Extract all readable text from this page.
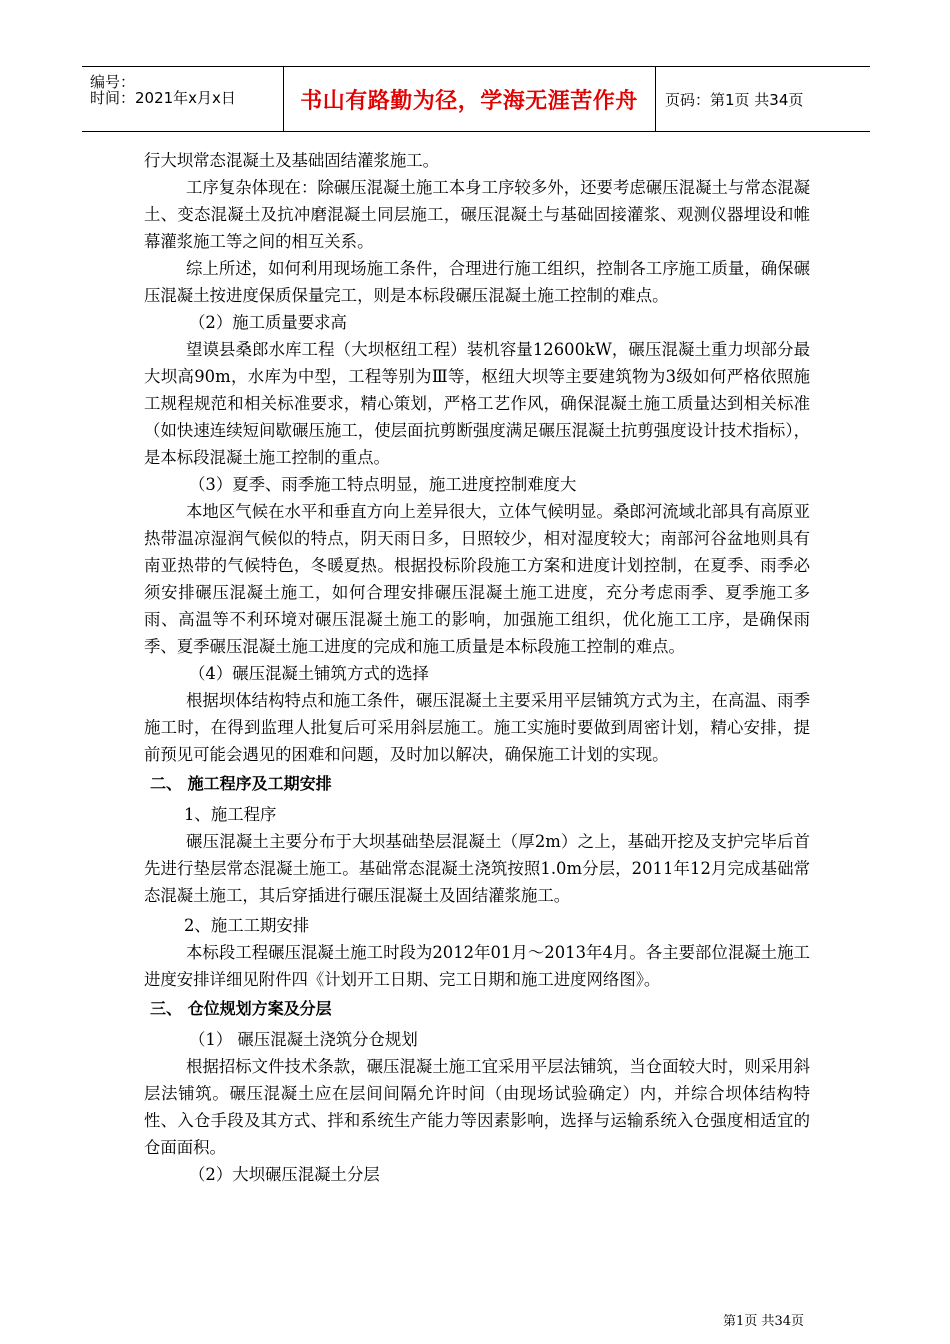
编号：
时间：2021年x月x日	书山有路勤为径，学海无涯苦作舟	页码：第1页 共34页

行大坝常态混凝土及基础固结灌浆施工。

工序复杂体现在：除碾压混凝土施工本身工序较多外，还要考虑碾压混凝土与常态混凝土、变态混凝土及抗冲磨混凝土同层施工，碾压混凝土与基础固接灌浆、观测仪器埋设和帷幕灌浆施工等之间的相互关系。

综上所述，如何利用现场施工条件，合理进行施工组织，控制各工序施工质量，确保碾压混凝土按进度保质保量完工，则是本标段碾压混凝土施工控制的难点。

（2）施工质量要求高

望谟县桑郎水库工程（大坝枢纽工程）装机容量12600kW，碾压混凝土重力坝部分最大坝高90m，水库为中型，工程等别为Ⅲ等，枢纽大坝等主要建筑物为3级如何严格依照施工规程规范和相关标准要求，精心策划，严格工艺作风，确保混凝土施工质量达到相关标准（如快速连续短间歇碾压施工，使层面抗剪断强度满足碾压混凝土抗剪强度设计技术指标），是本标段混凝土施工控制的重点。

（3）夏季、雨季施工特点明显，施工进度控制难度大

本地区气候在水平和垂直方向上差异很大，立体气候明显。桑郎河流域北部具有高原亚热带温凉湿润气候似的特点，阴天雨日多，日照较少，相对湿度较大；南部河谷盆地则具有南亚热带的气候特色，冬暖夏热。根据投标阶段施工方案和进度计划控制，在夏季、雨季必须安排碾压混凝土施工，如何合理安排碾压混凝土施工进度，充分考虑雨季、夏季施工多雨、高温等不利环境对碾压混凝土施工的影响，加强施工组织，优化施工工序，是确保雨季、夏季碾压混凝土施工进度的完成和施工质量是本标段施工控制的难点。

（4）碾压混凝土铺筑方式的选择

根据坝体结构特点和施工条件，碾压混凝土主要采用平层铺筑方式为主，在高温、雨季施工时，在得到监理人批复后可采用斜层施工。施工实施时要做到周密计划，精心安排，提前预见可能会遇见的困难和问题，及时加以解决，确保施工计划的实现。

二、 施工程序及工期安排

1、施工程序

碾压混凝土主要分布于大坝基础垫层混凝土（厚2m）之上，基础开挖及支护完毕后首先进行垫层常态混凝土施工。基础常态混凝土浇筑按照1.0m分层，2011年12月完成基础常态混凝土施工，其后穿插进行碾压混凝土及固结灌浆施工。

2、施工工期安排

本标段工程碾压混凝土施工时段为2012年01月～2013年4月。各主要部位混凝土施工进度安排详细见附件四《计划开工日期、完工日期和施工进度网络图》。

三、 仓位规划方案及分层

（1） 碾压混凝土浇筑分仓规划

根据招标文件技术条款，碾压混凝土施工宜采用平层法铺筑，当仓面较大时，则采用斜层法铺筑。碾压混凝土应在层间间隔允许时间（由现场试验确定）内，并综合坝体结构特性、入仓手段及其方式、拌和系统生产能力等因素影响，选择与运输系统入仓强度相适宜的仓面面积。

（2）大坝碾压混凝土分层

第1页 共34页
